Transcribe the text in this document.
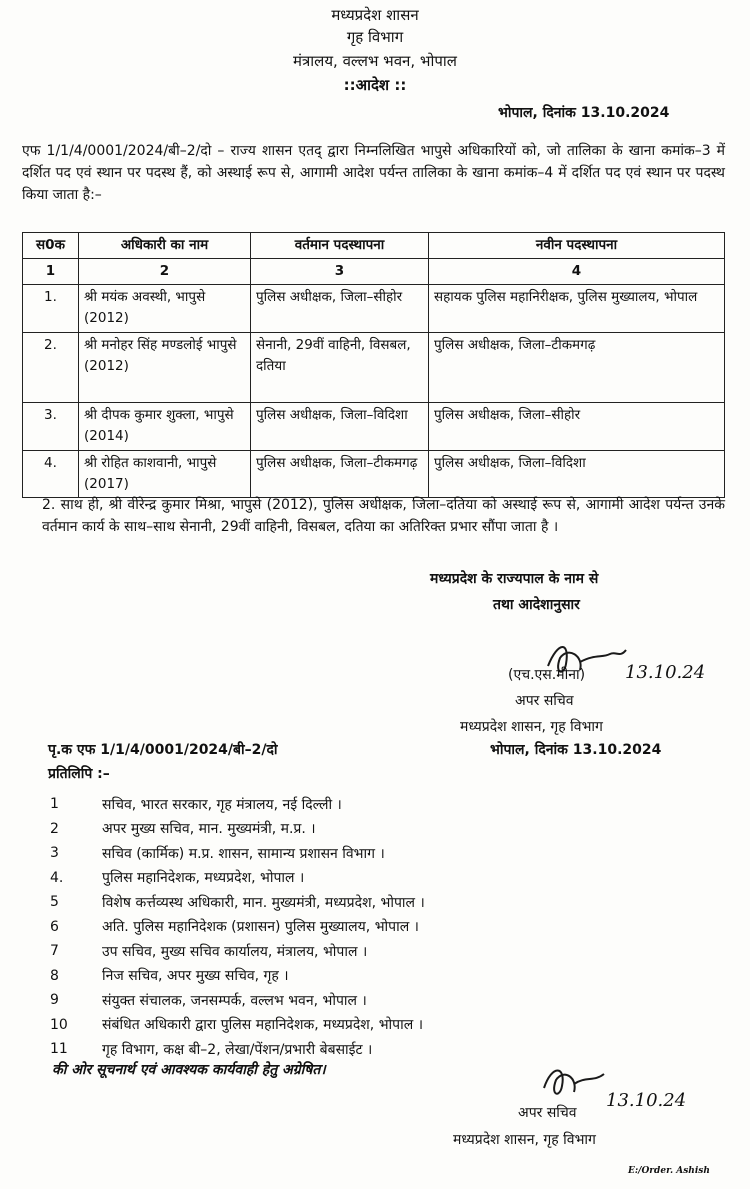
मध्यप्रदेश शासन
गृह विभाग
मंत्रालय, वल्लभ भवन, भोपाल
::आदेश ::
भोपाल, दिनांक 13.10.2024
एफ 1/1/4/0001/2024/बी–2/दो – राज्य शासन एतद् द्वारा निम्नलिखित भापुसे अधिकारियों को, जो तालिका के खाना कमांक–3 में दर्शित पद एवं स्थान पर पदस्थ हैं, को अस्थाई रूप से, आगामी आदेश पर्यन्त तालिका के खाना कमांक–4 में दर्शित पद एवं स्थान पर पदस्थ किया जाता है:–
स0क	अधिकारी का नाम	वर्तमान पदस्थापना	नवीन पदस्थापना
1	2	3	4
1.	श्री मयंक अवस्थी, भापुसे (2012)	पुलिस अधीक्षक, जिला–सीहोर	सहायक पुलिस महानिरीक्षक, पुलिस मुख्यालय, भोपाल
2.	श्री मनोहर सिंह मण्डलोई भापुसे (2012)	सेनानी, 29वीं वाहिनी, विसबल, दतिया	पुलिस अधीक्षक, जिला–टीकमगढ़
3.	श्री दीपक कुमार शुक्ला, भापुसे (2014)	पुलिस अधीक्षक, जिला–विदिशा	पुलिस अधीक्षक, जिला–सीहोर
4.	श्री रोहित काशवानी, भापुसे (2017)	पुलिस अधीक्षक, जिला–टीकमगढ़	पुलिस अधीक्षक, जिला–विदिशा
2. साथ ही, श्री वीरेन्द्र कुमार मिश्रा, भापुसे (2012), पुलिस अधीक्षक, जिला–दतिया को अस्थाई रूप से, आगामी आदेश पर्यन्त उनके वर्तमान कार्य के साथ–साथ सेनानी, 29वीं वाहिनी, विसबल, दतिया का अतिरिक्त प्रभार सौंपा जाता है ।
मध्यप्रदेश के राज्यपाल के नाम से
तथा आदेशानुसार
13.10.24
(एच.एस.मीना)
अपर सचिव
मध्यप्रदेश शासन, गृह विभाग
पृ.क एफ 1/1/4/0001/2024/बी–2/दो	भोपाल, दिनांक 13.10.2024
प्रतिलिपि :–
1	सचिव, भारत सरकार, गृह मंत्रालय, नई दिल्ली ।
2	अपर मुख्य सचिव, मान. मुख्यमंत्री, म.प्र. ।
3	सचिव (कार्मिक) म.प्र. शासन, सामान्य प्रशासन विभाग ।
4.	पुलिस महानिदेशक, मध्यप्रदेश, भोपाल ।
5	विशेष कर्त्तव्यस्थ अधिकारी, मान. मुख्यमंत्री, मध्यप्रदेश, भोपाल ।
6	अति. पुलिस महानिदेशक (प्रशासन) पुलिस मुख्यालय, भोपाल ।
7	उप सचिव, मुख्य सचिव कार्यालय, मंत्रालय, भोपाल ।
8	निज सचिव, अपर मुख्य सचिव, गृह ।
9	संयुक्त संचालक, जनसम्पर्क, वल्लभ भवन, भोपाल ।
10	संबंधित अधिकारी द्वारा पुलिस महानिदेशक, मध्यप्रदेश, भोपाल ।
11	गृह विभाग, कक्ष बी–2, लेखा/पेंशन/प्रभारी बेबसाईट ।
की ओर सूचनार्थ एवं आवश्यक कार्यवाही हेतु अग्रेषित।
13.10.24
अपर सचिव
मध्यप्रदेश शासन, गृह विभाग
E:/Order. Ashish
